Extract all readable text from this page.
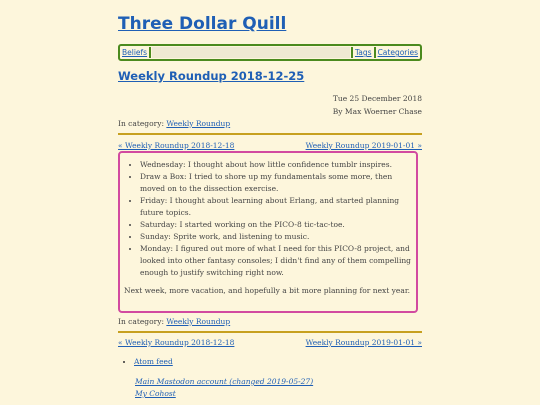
Three Dollar Quill
Beliefs	Tags Categories
Weekly Roundup 2018-12-25
Tue 25 December 2018
By Max Woerner Chase
In category: Weekly Roundup
« Weekly Roundup 2018-12-18	Weekly Roundup 2019-01-01 »
• Wednesday: I thought about how little confidence tumblr inspires.
• Draw a Box: I tried to shore up my fundamentals some more, then moved on to the dissection exercise.
• Friday: I thought about learning about Erlang, and started planning future topics.
• Saturday: I started working on the PICO-8 tic-tac-toe.
• Sunday: Sprite work, and listening to music.
• Monday: I figured out more of what I need for this PICO-8 project, and looked into other fantasy consoles; I didn't find any of them compelling enough to justify switching right now.

Next week, more vacation, and hopefully a bit more planning for next year.

In category: Weekly Roundup
« Weekly Roundup 2018-12-18	Weekly Roundup 2019-01-01 »
• Atom feed
Main Mastodon account (changed 2019-05-27)
My Cohost
